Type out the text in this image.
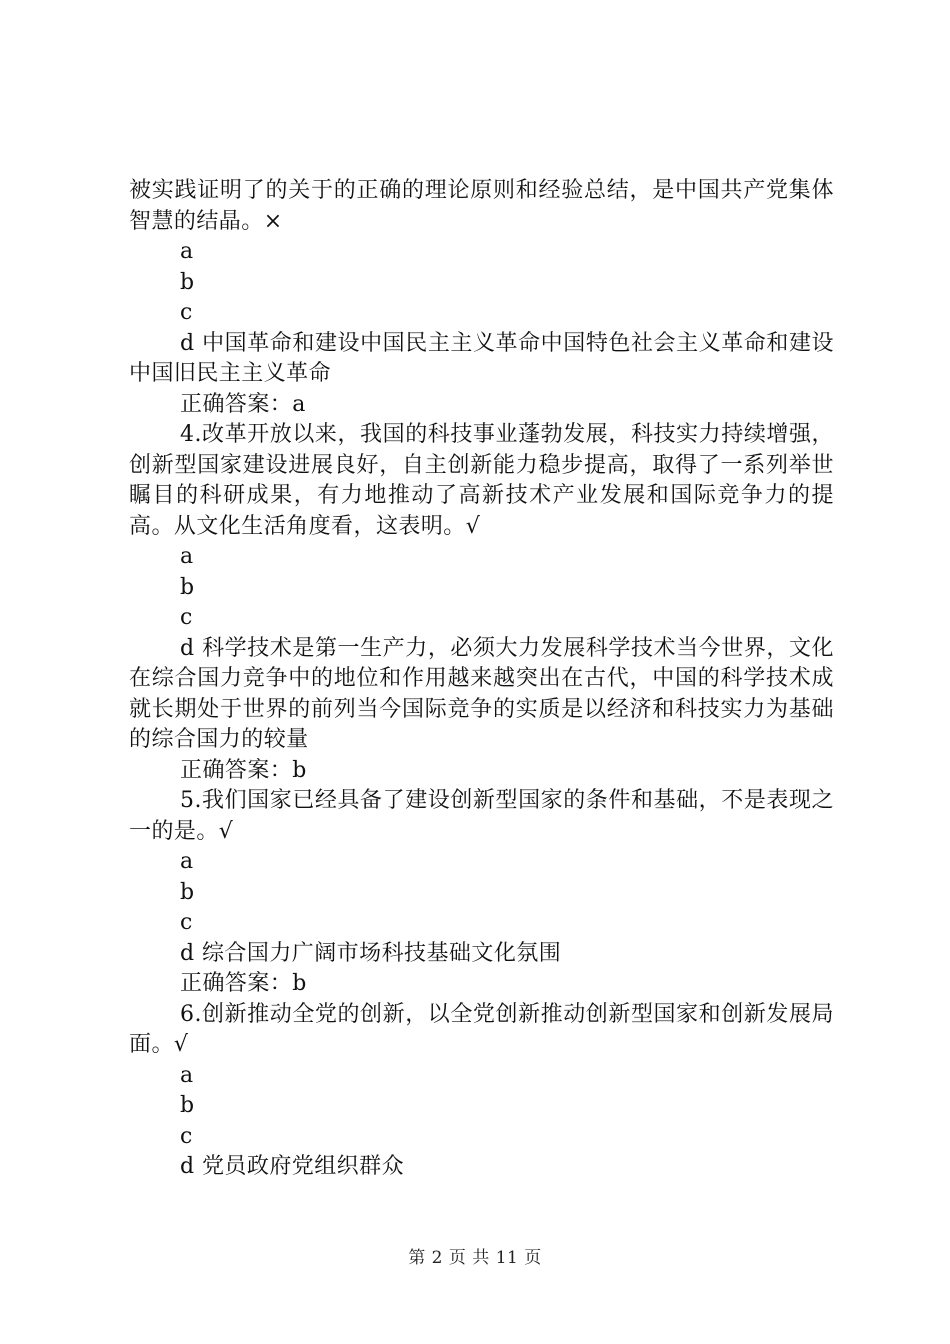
被实践证明了的关于的正确的理论原则和经验总结，是中国共产党集体智慧的结晶。×

a

b

c

d 中国革命和建设中国民主主义革命中国特色社会主义革命和建设中国旧民主主义革命

正确答案：a

4.改革开放以来，我国的科技事业蓬勃发展，科技实力持续增强，创新型国家建设进展良好，自主创新能力稳步提高，取得了一系列举世瞩目的科研成果，有力地推动了高新技术产业发展和国际竞争力的提高。从文化生活角度看，这表明。√

a

b

c

d 科学技术是第一生产力，必须大力发展科学技术当今世界，文化在综合国力竞争中的地位和作用越来越突出在古代，中国的科学技术成就长期处于世界的前列当今国际竞争的实质是以经济和科技实力为基础的综合国力的较量

正确答案：b

5.我们国家已经具备了建设创新型国家的条件和基础，不是表现之一的是。√

a

b

c

d 综合国力广阔市场科技基础文化氛围

正确答案：b

6.创新推动全党的创新，以全党创新推动创新型国家和创新发展局面。√

a

b

c

d 党员政府党组织群众

第 2 页 共 11 页
